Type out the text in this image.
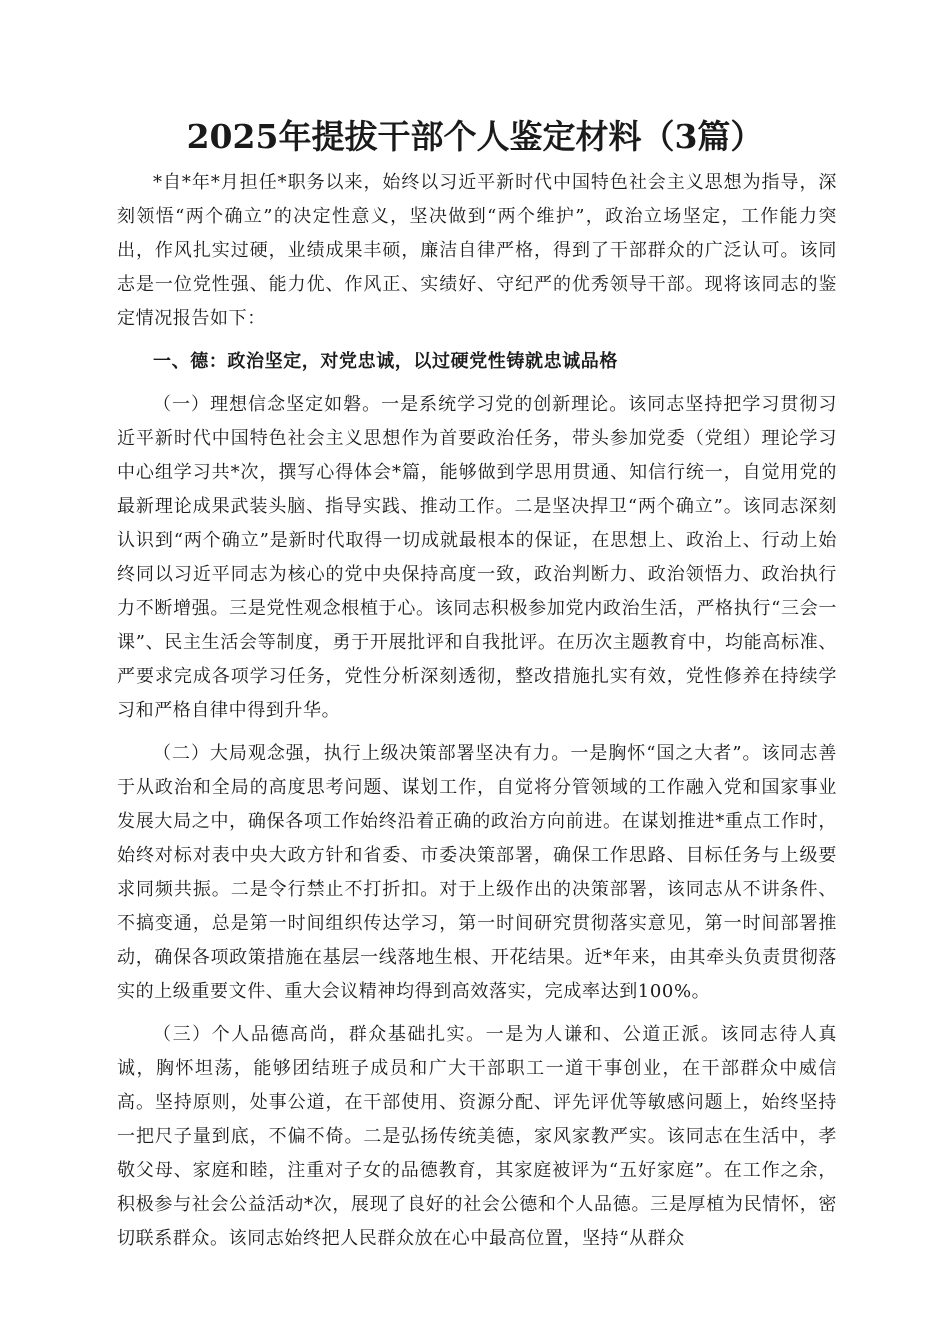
2025年提拔干部个人鉴定材料（3篇）

*自*年*月担任*职务以来，始终以习近平新时代中国特色社会主义思想为指导，深刻领悟“两个确立”的决定性意义，坚决做到“两个维护”，政治立场坚定，工作能力突出，作风扎实过硬，业绩成果丰硕，廉洁自律严格，得到了干部群众的广泛认可。该同志是一位党性强、能力优、作风正、实绩好、守纪严的优秀领导干部。现将该同志的鉴定情况报告如下：

一、德：政治坚定，对党忠诚，以过硬党性铸就忠诚品格

（一）理想信念坚定如磐。一是系统学习党的创新理论。该同志坚持把学习贯彻习近平新时代中国特色社会主义思想作为首要政治任务，带头参加党委（党组）理论学习中心组学习共*次，撰写心得体会*篇，能够做到学思用贯通、知信行统一，自觉用党的最新理论成果武装头脑、指导实践、推动工作。二是坚决捍卫“两个确立”。该同志深刻认识到“两个确立”是新时代取得一切成就最根本的保证，在思想上、政治上、行动上始终同以习近平同志为核心的党中央保持高度一致，政治判断力、政治领悟力、政治执行力不断增强。三是党性观念根植于心。该同志积极参加党内政治生活，严格执行“三会一课”、民主生活会等制度，勇于开展批评和自我批评。在历次主题教育中，均能高标准、严要求完成各项学习任务，党性分析深刻透彻，整改措施扎实有效，党性修养在持续学习和严格自律中得到升华。

（二）大局观念强，执行上级决策部署坚决有力。一是胸怀“国之大者”。该同志善于从政治和全局的高度思考问题、谋划工作，自觉将分管领域的工作融入党和国家事业发展大局之中，确保各项工作始终沿着正确的政治方向前进。在谋划推进*重点工作时，始终对标对表中央大政方针和省委、市委决策部署，确保工作思路、目标任务与上级要求同频共振。二是令行禁止不打折扣。对于上级作出的决策部署，该同志从不讲条件、不搞变通，总是第一时间组织传达学习，第一时间研究贯彻落实意见，第一时间部署推动，确保各项政策措施在基层一线落地生根、开花结果。近*年来，由其牵头负责贯彻落实的上级重要文件、重大会议精神均得到高效落实，完成率达到100%。

（三）个人品德高尚，群众基础扎实。一是为人谦和、公道正派。该同志待人真诚，胸怀坦荡，能够团结班子成员和广大干部职工一道干事创业，在干部群众中威信高。坚持原则，处事公道，在干部使用、资源分配、评先评优等敏感问题上，始终坚持一把尺子量到底，不偏不倚。二是弘扬传统美德，家风家教严实。该同志在生活中，孝敬父母、家庭和睦，注重对子女的品德教育，其家庭被评为“五好家庭”。在工作之余，积极参与社会公益活动*次，展现了良好的社会公德和个人品德。三是厚植为民情怀，密切联系群众。该同志始终把人民群众放在心中最高位置，坚持“从群众
